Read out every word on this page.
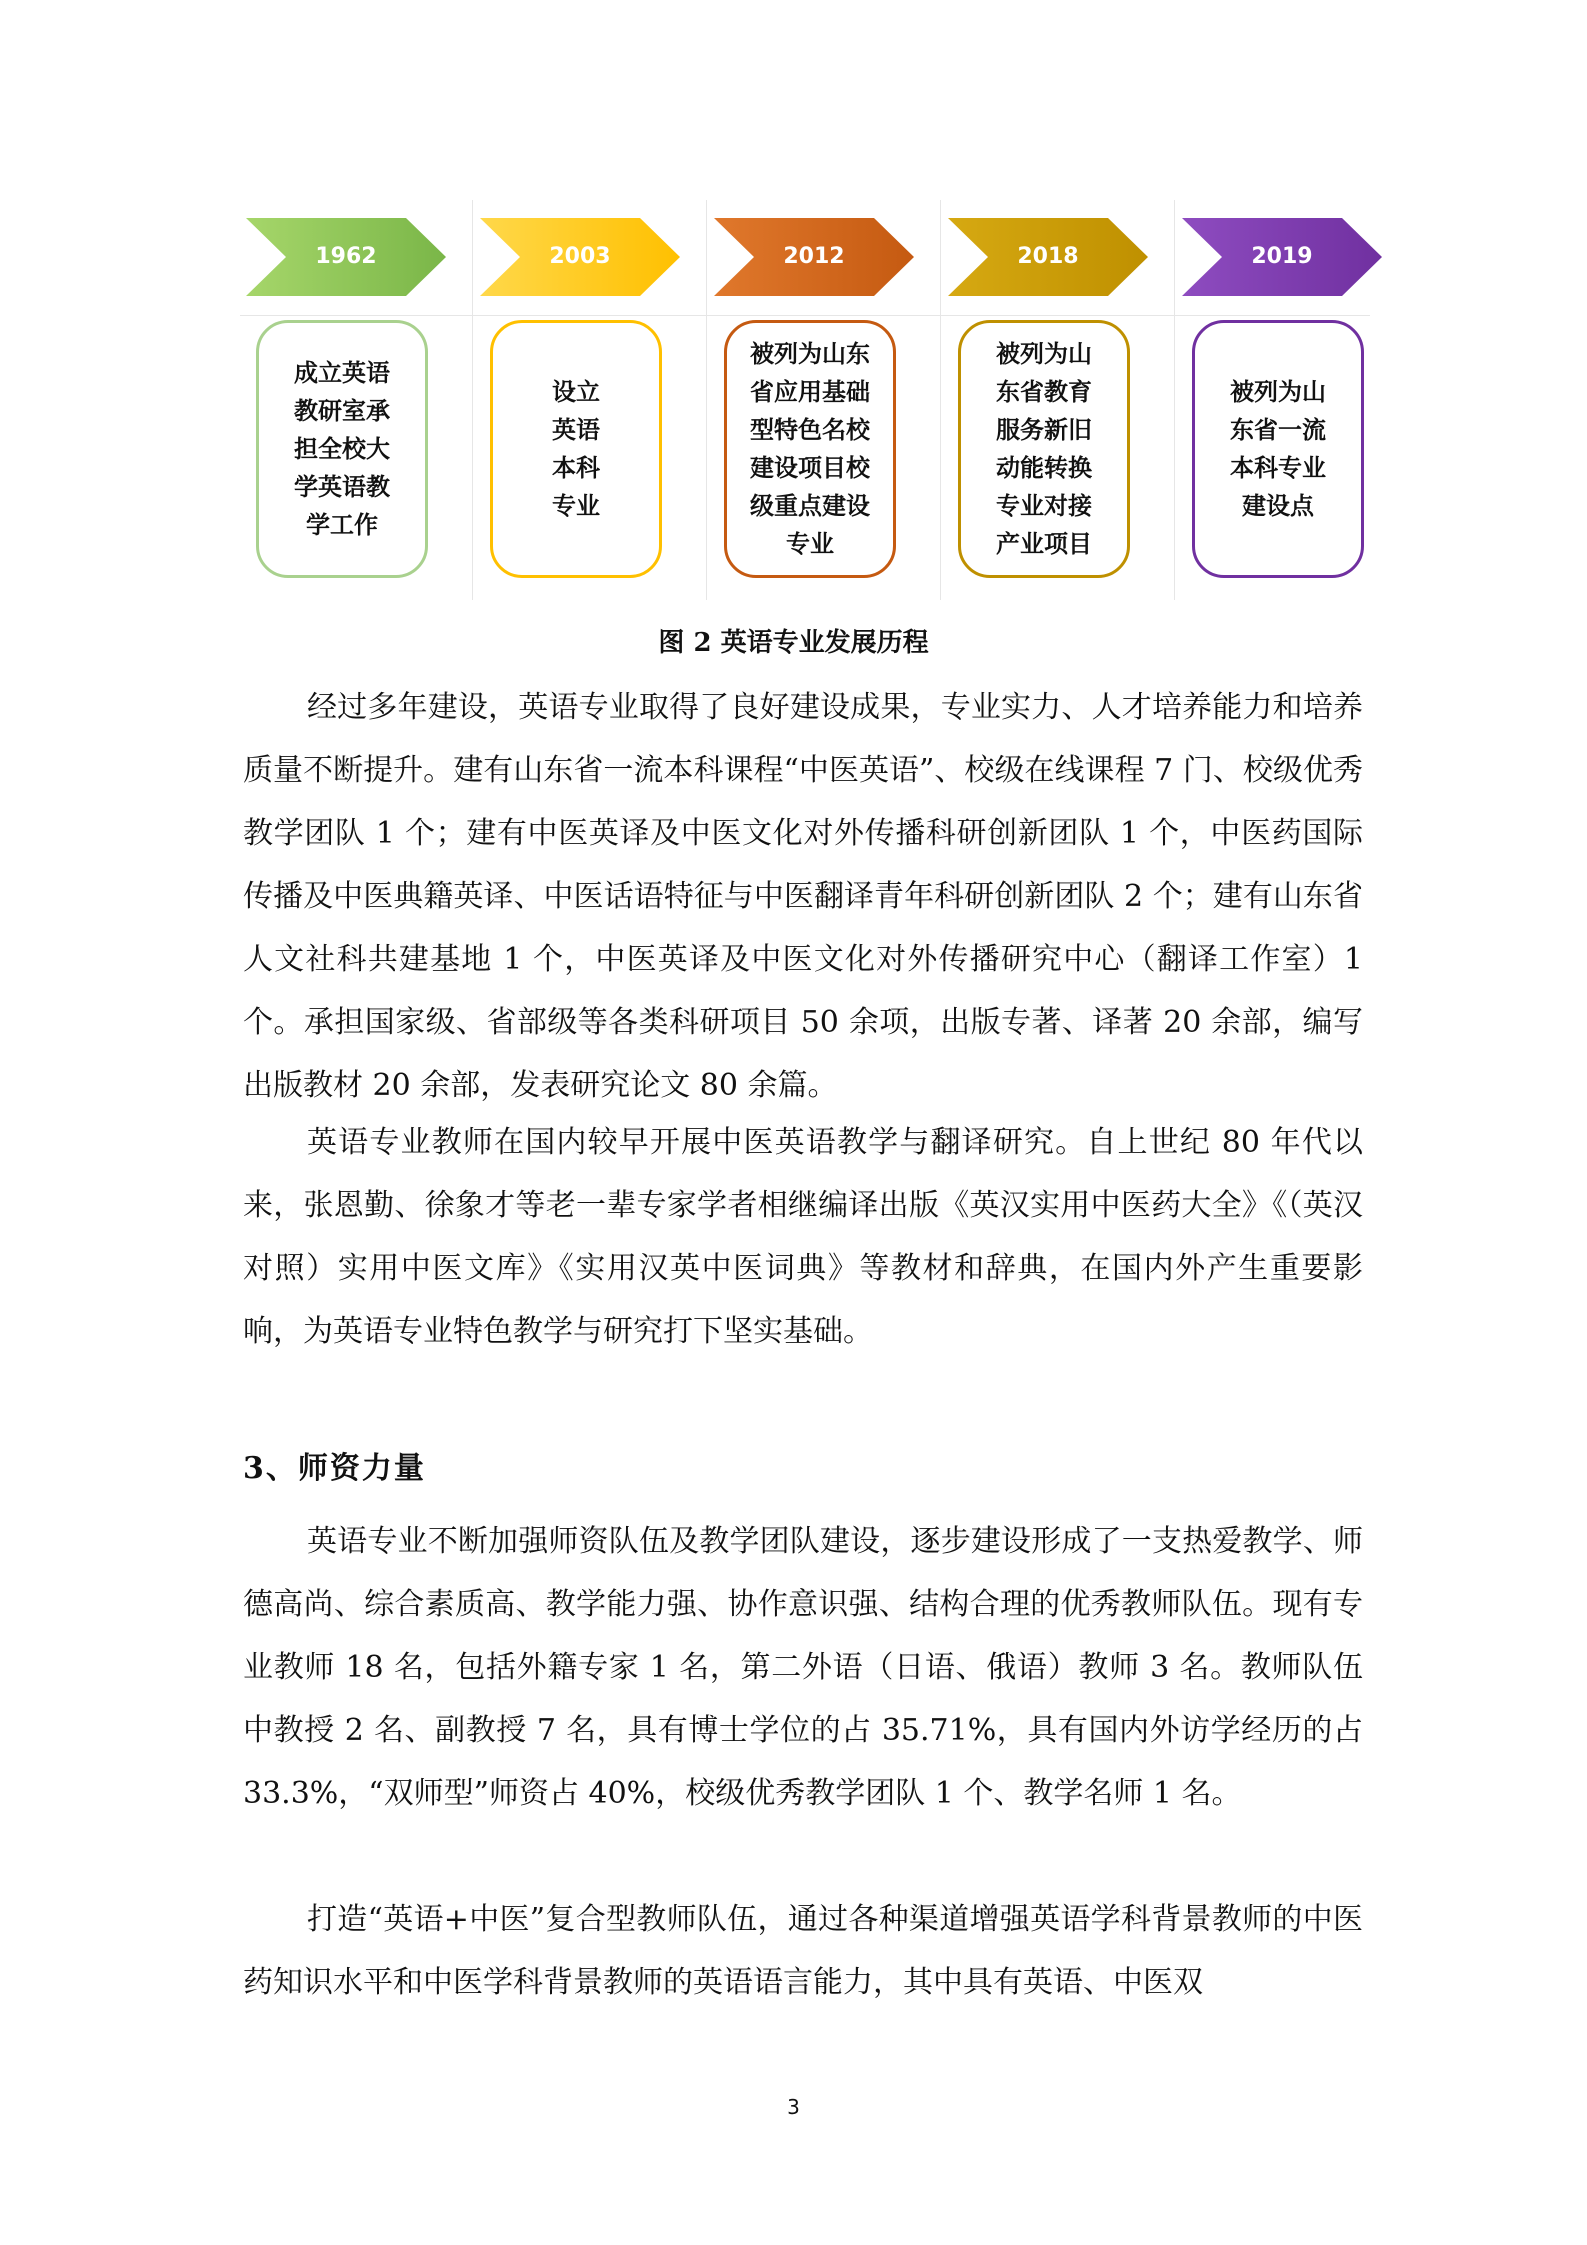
1962
成立英语
教研室承
担全校大
学英语教
学工作
2003
设立
英语
本科
专业
2012
被列为山东
省应用基础
型特色名校
建设项目校
级重点建设
专业
2018
被列为山
东省教育
服务新旧
动能转换
专业对接
产业项目
2019
被列为山
东省一流
本科专业
建设点
图 2 英语专业发展历程

经过多年建设，英语专业取得了良好建设成果，专业实力、人才培养能力和培养质量不断提升。建有山东省一流本科课程“中医英语”、校级在线课程 7 门、校级优秀教学团队 1 个；建有中医英译及中医文化对外传播科研创新团队 1 个，中医药国际传播及中医典籍英译、中医话语特征与中医翻译青年科研创新团队 2 个；建有山东省人文社科共建基地 1 个，中医英译及中医文化对外传播研究中心（翻译工作室）1 个。承担国家级、省部级等各类科研项目 50 余项，出版专著、译著 20 余部，编写出版教材 20 余部，发表研究论文 80 余篇。

英语专业教师在国内较早开展中医英语教学与翻译研究。自上世纪 80 年代以来，张恩勤、徐象才等老一辈专家学者相继编译出版《英汉实用中医药大全》《（英汉对照）实用中医文库》《实用汉英中医词典》等教材和辞典，在国内外产生重要影响，为英语专业特色教学与研究打下坚实基础。

3、师资力量

英语专业不断加强师资队伍及教学团队建设，逐步建设形成了一支热爱教学、师德高尚、综合素质高、教学能力强、协作意识强、结构合理的优秀教师队伍。现有专业教师 18 名，包括外籍专家 1 名，第二外语（日语、俄语）教师 3 名。教师队伍中教授 2 名、副教授 7 名，具有博士学位的占 35.71%，具有国内外访学经历的占 33.3%，“双师型”师资占 40%，校级优秀教学团队 1 个、教学名师 1 名。

打造“英语+中医”复合型教师队伍，通过各种渠道增强英语学科背景教师的中医药知识水平和中医学科背景教师的英语语言能力，其中具有英语、中医双

3
